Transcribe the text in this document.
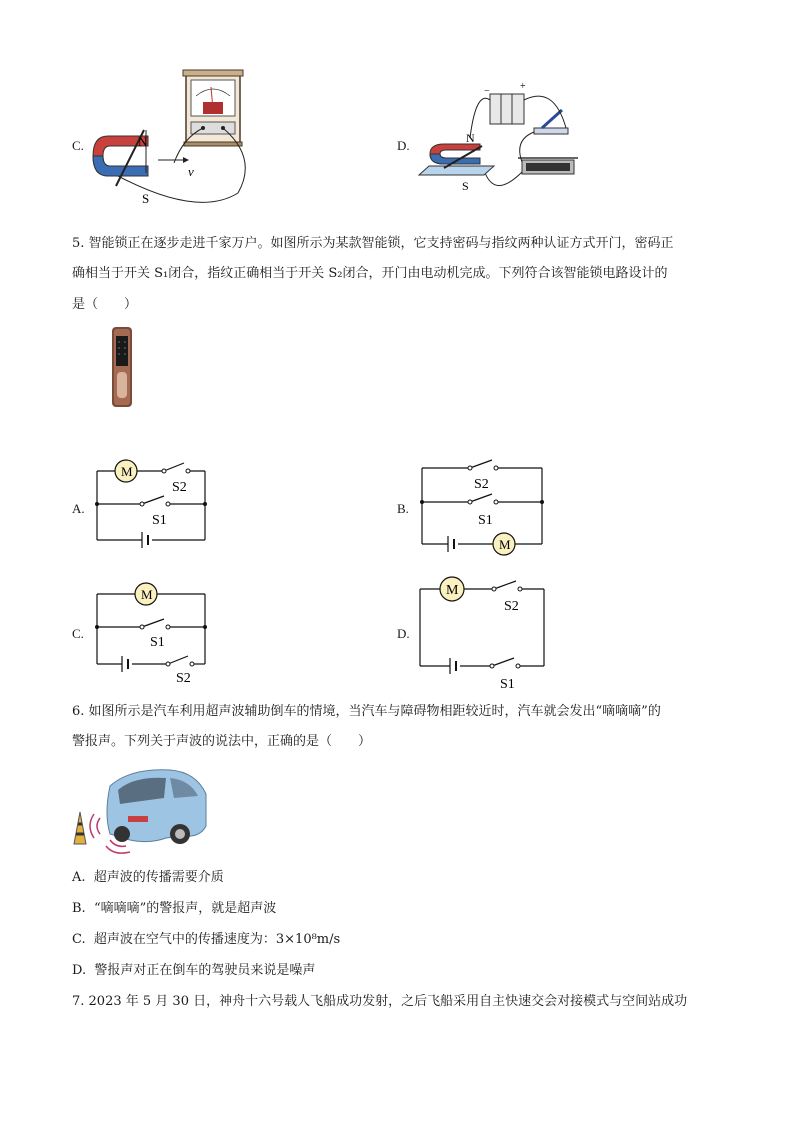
C.	N
v
S
D.
−	+
N
S
5. 智能锁正在逐步走进千家万户。如图所示为某款智能锁，它支持密码与指纹两种认证方式开门，密码正
确相当于开关 S₁闭合，指纹正确相当于开关 S₂闭合，开门由电动机完成。下列符合该智能锁电路设计的
是（　　）
A.
M
S2
S1
B.
M
S2
S1
C.
M
S1
S2
D.
M
S2
S1
6. 如图所示是汽车利用超声波辅助倒车的情境，当汽车与障碍物相距较近时，汽车就会发出“嘀嘀嘀”的
警报声。下列关于声波的说法中，正确的是（　　）
A. 超声波的传播需要介质
B. “嘀嘀嘀”的警报声，就是超声波
C. 超声波在空气中的传播速度为：3×10⁸m/s
D. 警报声对正在倒车的驾驶员来说是噪声
7. 2023 年 5 月 30 日，神舟十六号载人飞船成功发射，之后飞船采用自主快速交会对接模式与空间站成功
